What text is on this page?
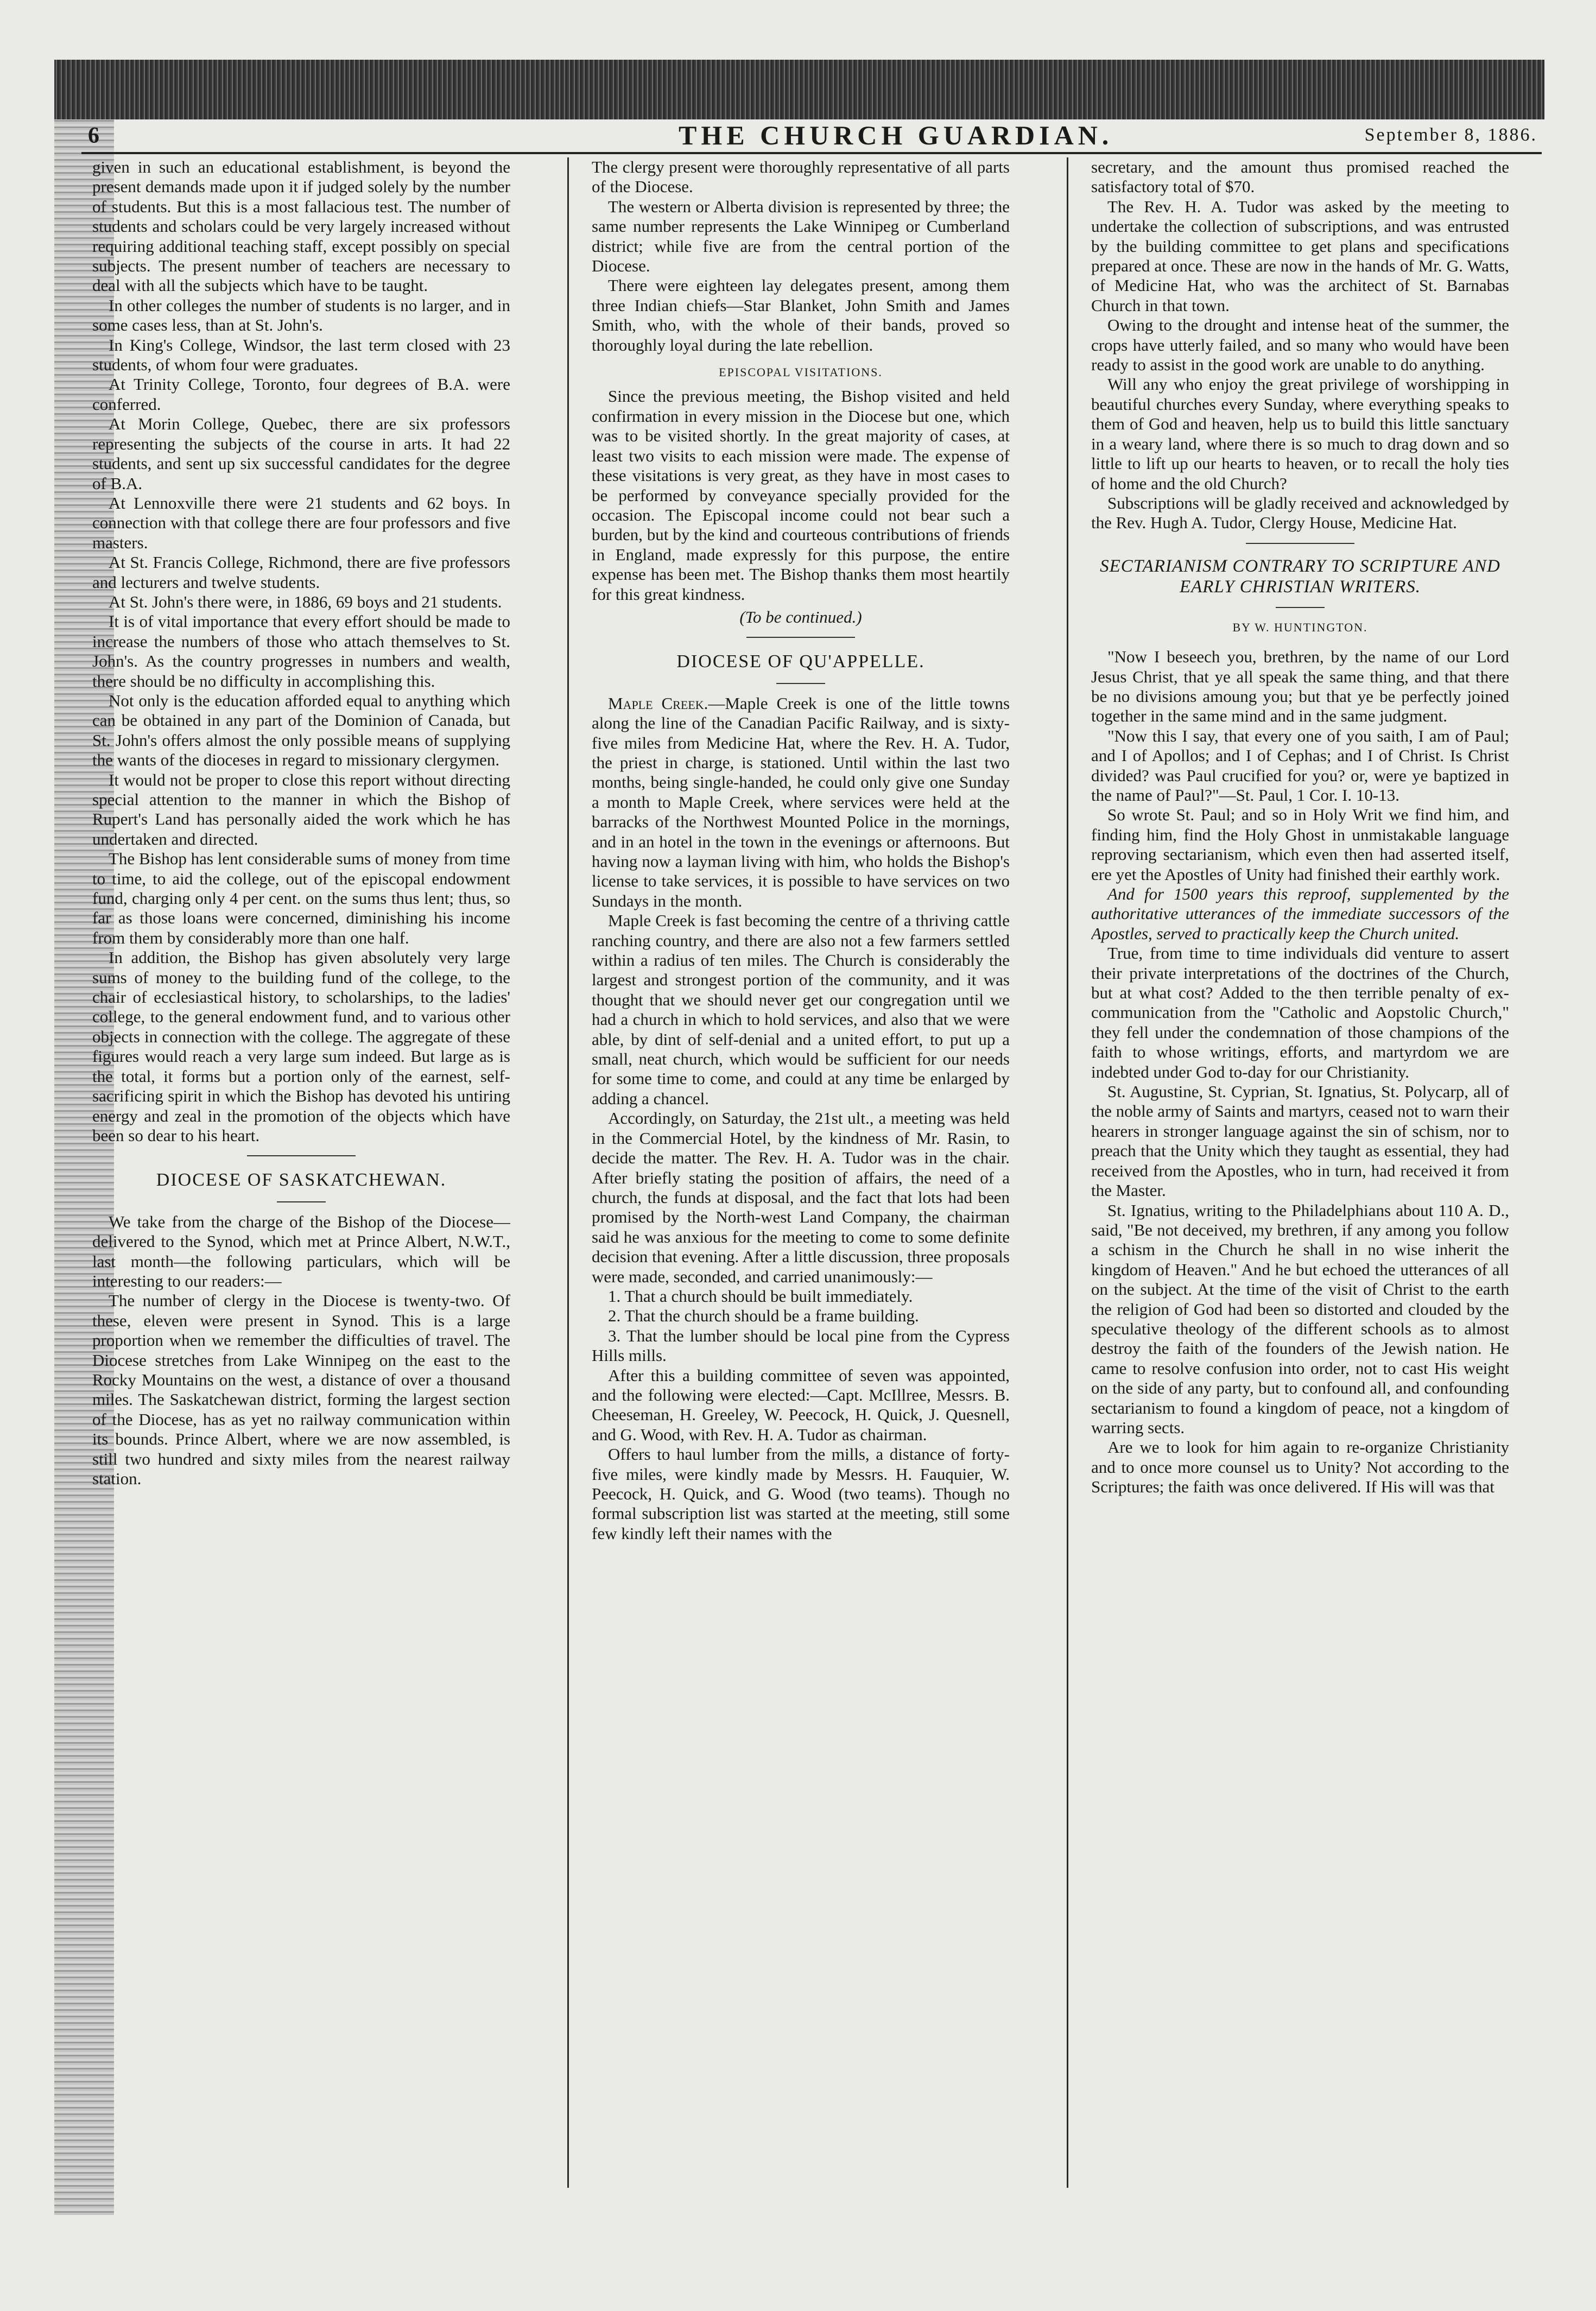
6	THE CHURCH GUARDIAN.	September 8, 1886.

given in such an educational establishment, is beyond the present demands made upon it if judged solely by the number of students. But this is a most fallacious test. The number of students and scholars could be very largely increased without requiring additional teaching staff, except possibly on special subjects. The present number of teachers are necessary to deal with all the subjects which have to be taught.

In other colleges the number of students is no larger, and in some cases less, than at St. John's.

In King's College, Windsor, the last term closed with 23 students, of whom four were graduates.

At Trinity College, Toronto, four degrees of B.A. were conferred.

At Morin College, Quebec, there are six professors representing the subjects of the course in arts. It had 22 students, and sent up six successful candidates for the degree of B.A.

At Lennoxville there were 21 students and 62 boys. In connection with that college there are four professors and five masters.

At St. Francis College, Richmond, there are five professors and lecturers and twelve students.

At St. John's there were, in 1886, 69 boys and 21 students.

It is of vital importance that every effort should be made to increase the numbers of those who attach themselves to St. John's. As the country progresses in numbers and wealth, there should be no difficulty in accomplishing this.

Not only is the education afforded equal to anything which can be obtained in any part of the Dominion of Canada, but St. John's offers almost the only possible means of supplying the wants of the dioceses in regard to missionary clergymen.

It would not be proper to close this report without directing special attention to the manner in which the Bishop of Rupert's Land has personally aided the work which he has undertaken and directed.

The Bishop has lent considerable sums of money from time to time, to aid the college, out of the episcopal endowment fund, charging only 4 per cent. on the sums thus lent; thus, so far as those loans were concerned, diminishing his income from them by considerably more than one half.

In addition, the Bishop has given absolutely very large sums of money to the building fund of the college, to the chair of ecclesiastical history, to scholarships, to the ladies' college, to the general endowment fund, and to various other objects in connection with the college. The aggregate of these figures would reach a very large sum indeed. But large as is the total, it forms but a portion only of the earnest, self-sacrificing spirit in which the Bishop has devoted his untiring energy and zeal in the promotion of the objects which have been so dear to his heart.

DIOCESE OF SASKATCHEWAN.

We take from the charge of the Bishop of the Diocese—delivered to the Synod, which met at Prince Albert, N.W.T., last month—the following particulars, which will be interesting to our readers:—

The number of clergy in the Diocese is twenty-two. Of these, eleven were present in Synod. This is a large proportion when we remember the difficulties of travel. The Diocese stretches from Lake Winnipeg on the east to the Rocky Mountains on the west, a distance of over a thousand miles. The Saskatchewan district, forming the largest section of the Diocese, has as yet no railway communication within its bounds. Prince Albert, where we are now assembled, is still two hundred and sixty miles from the nearest railway station.

The clergy present were thoroughly representative of all parts of the Diocese.

The western or Alberta division is represented by three; the same number represents the Lake Winnipeg or Cumberland district; while five are from the central portion of the Diocese.

There were eighteen lay delegates present, among them three Indian chiefs—Star Blanket, John Smith and James Smith, who, with the whole of their bands, proved so thoroughly loyal during the late rebellion.

EPISCOPAL VISITATIONS.

Since the previous meeting, the Bishop visited and held confirmation in every mission in the Diocese but one, which was to be visited shortly. In the great majority of cases, at least two visits to each mission were made. The expense of these visitations is very great, as they have in most cases to be performed by conveyance specially provided for the occasion. The Episcopal income could not bear such a burden, but by the kind and courteous contributions of friends in England, made expressly for this purpose, the entire expense has been met. The Bishop thanks them most heartily for this great kindness.

(To be continued.)

DIOCESE OF QU'APPELLE.

Maple Creek.—Maple Creek is one of the little towns along the line of the Canadian Pacific Railway, and is sixty-five miles from Medicine Hat, where the Rev. H. A. Tudor, the priest in charge, is stationed. Until within the last two months, being single-handed, he could only give one Sunday a month to Maple Creek, where services were held at the barracks of the Northwest Mounted Police in the mornings, and in an hotel in the town in the evenings or afternoons. But having now a layman living with him, who holds the Bishop's license to take services, it is possible to have services on two Sundays in the month.

Maple Creek is fast becoming the centre of a thriving cattle ranching country, and there are also not a few farmers settled within a radius of ten miles. The Church is considerably the largest and strongest portion of the community, and it was thought that we should never get our congregation until we had a church in which to hold services, and also that we were able, by dint of self-denial and a united effort, to put up a small, neat church, which would be sufficient for our needs for some time to come, and could at any time be enlarged by adding a chancel.

Accordingly, on Saturday, the 21st ult., a meeting was held in the Commercial Hotel, by the kindness of Mr. Rasin, to decide the matter. The Rev. H. A. Tudor was in the chair. After briefly stating the position of affairs, the need of a church, the funds at disposal, and the fact that lots had been promised by the North-west Land Company, the chairman said he was anxious for the meeting to come to some definite decision that evening. After a little discussion, three proposals were made, seconded, and carried unanimously:—

1. That a church should be built immediately.

2. That the church should be a frame building.

3. That the lumber should be local pine from the Cypress Hills mills.

After this a building committee of seven was appointed, and the following were elected:—Capt. McIllree, Messrs. B. Cheeseman, H. Greeley, W. Peecock, H. Quick, J. Quesnell, and G. Wood, with Rev. H. A. Tudor as chairman.

Offers to haul lumber from the mills, a distance of forty-five miles, were kindly made by Messrs. H. Fauquier, W. Peecock, H. Quick, and G. Wood (two teams). Though no formal subscription list was started at the meeting, still some few kindly left their names with the

secretary, and the amount thus promised reached the satisfactory total of $70.

The Rev. H. A. Tudor was asked by the meeting to undertake the collection of subscriptions, and was entrusted by the building committee to get plans and specifications prepared at once. These are now in the hands of Mr. G. Watts, of Medicine Hat, who was the architect of St. Barnabas Church in that town.

Owing to the drought and intense heat of the summer, the crops have utterly failed, and so many who would have been ready to assist in the good work are unable to do anything.

Will any who enjoy the great privilege of worshipping in beautiful churches every Sunday, where everything speaks to them of God and heaven, help us to build this little sanctuary in a weary land, where there is so much to drag down and so little to lift up our hearts to heaven, or to recall the holy ties of home and the old Church?

Subscriptions will be gladly received and acknowledged by the Rev. Hugh A. Tudor, Clergy House, Medicine Hat.

SECTARIANISM CONTRARY TO SCRIPTURE AND EARLY CHRISTIAN WRITERS.
BY W. HUNTINGTON.

"Now I beseech you, brethren, by the name of our Lord Jesus Christ, that ye all speak the same thing, and that there be no divisions amoung you; but that ye be perfectly joined together in the same mind and in the same judgment.

"Now this I say, that every one of you saith, I am of Paul; and I of Apollos; and I of Cephas; and I of Christ. Is Christ divided? was Paul crucified for you? or, were ye baptized in the name of Paul?"—St. Paul, 1 Cor. I. 10-13.

So wrote St. Paul; and so in Holy Writ we find him, and finding him, find the Holy Ghost in unmistakable language reproving sectarianism, which even then had asserted itself, ere yet the Apostles of Unity had finished their earthly work.

And for 1500 years this reproof, supplemented by the authoritative utterances of the immediate successors of the Apostles, served to practically keep the Church united.

True, from time to time individuals did venture to assert their private interpretations of the doctrines of the Church, but at what cost? Added to the then terrible penalty of ex-communication from the "Catholic and Aopstolic Church," they fell under the condemnation of those champions of the faith to whose writings, efforts, and martyrdom we are indebted under God to-day for our Christianity.

St. Augustine, St. Cyprian, St. Ignatius, St. Polycarp, all of the noble army of Saints and martyrs, ceased not to warn their hearers in stronger language against the sin of schism, nor to preach that the Unity which they taught as essential, they had received from the Apostles, who in turn, had received it from the Master.

St. Ignatius, writing to the Philadelphians about 110 A. D., said, "Be not deceived, my brethren, if any among you follow a schism in the Church he shall in no wise inherit the kingdom of Heaven." And he but echoed the utterances of all on the subject. At the time of the visit of Christ to the earth the religion of God had been so distorted and clouded by the speculative theology of the different schools as to almost destroy the faith of the founders of the Jewish nation. He came to resolve confusion into order, not to cast His weight on the side of any party, but to confound all, and confounding sectarianism to found a kingdom of peace, not a kingdom of warring sects.

Are we to look for him again to re-organize Christianity and to once more counsel us to Unity? Not according to the Scriptures; the faith was once delivered. If His will was that
